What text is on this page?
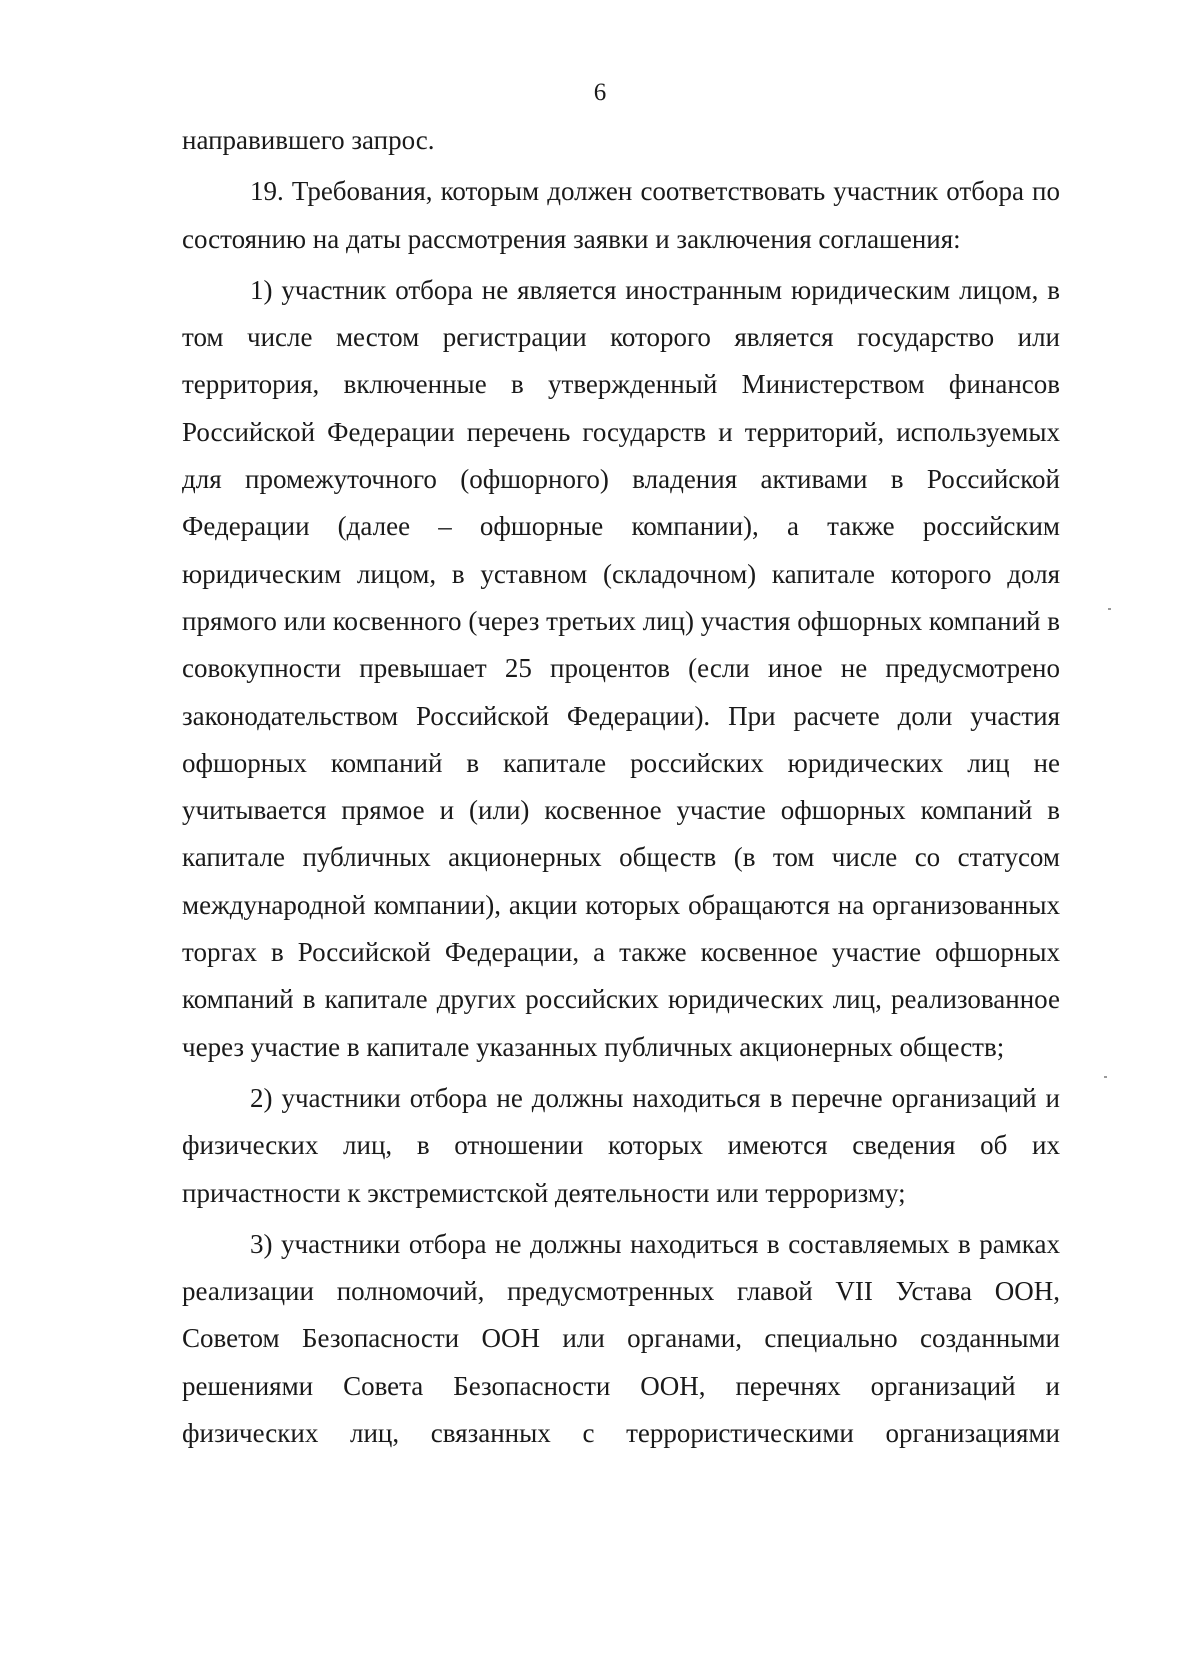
6

направившего запрос.

19. Требования, которым должен соответствовать участник отбора по состоянию на даты рассмотрения заявки и заключения соглашения:

1) участник отбора не является иностранным юридическим лицом, в том числе местом регистрации которого является государство или территория, включенные в утвержденный Министерством финансов Российской Федерации перечень государств и территорий, используемых для промежуточного (офшорного) владения активами в Российской Федерации (далее – офшорные компании), а также российским юридическим лицом, в уставном (складочном) капитале которого доля прямого или косвенного (через третьих лиц) участия офшорных компаний в совокупности превышает 25 процентов (если иное не предусмотрено законодательством Российской Федерации). При расчете доли участия офшорных компаний в капитале российских юридических лиц не учитывается прямое и (или) косвенное участие офшорных компаний в капитале публичных акционерных обществ (в том числе со статусом международной компании), акции которых обращаются на организованных торгах в Российской Федерации, а также косвенное участие офшорных компаний в капитале других российских юридических лиц, реализованное через участие в капитале указанных публичных акционерных обществ;

2) участники отбора не должны находиться в перечне организаций и физических лиц, в отношении которых имеются сведения об их причастности к экстремистской деятельности или терроризму;

3) участники отбора не должны находиться в составляемых в рамках реализации полномочий, предусмотренных главой VII Устава ООН, Советом Безопасности ООН или органами, специально созданными решениями Совета Безопасности ООН, перечнях организаций и физических лиц, связанных с террористическими организациями
